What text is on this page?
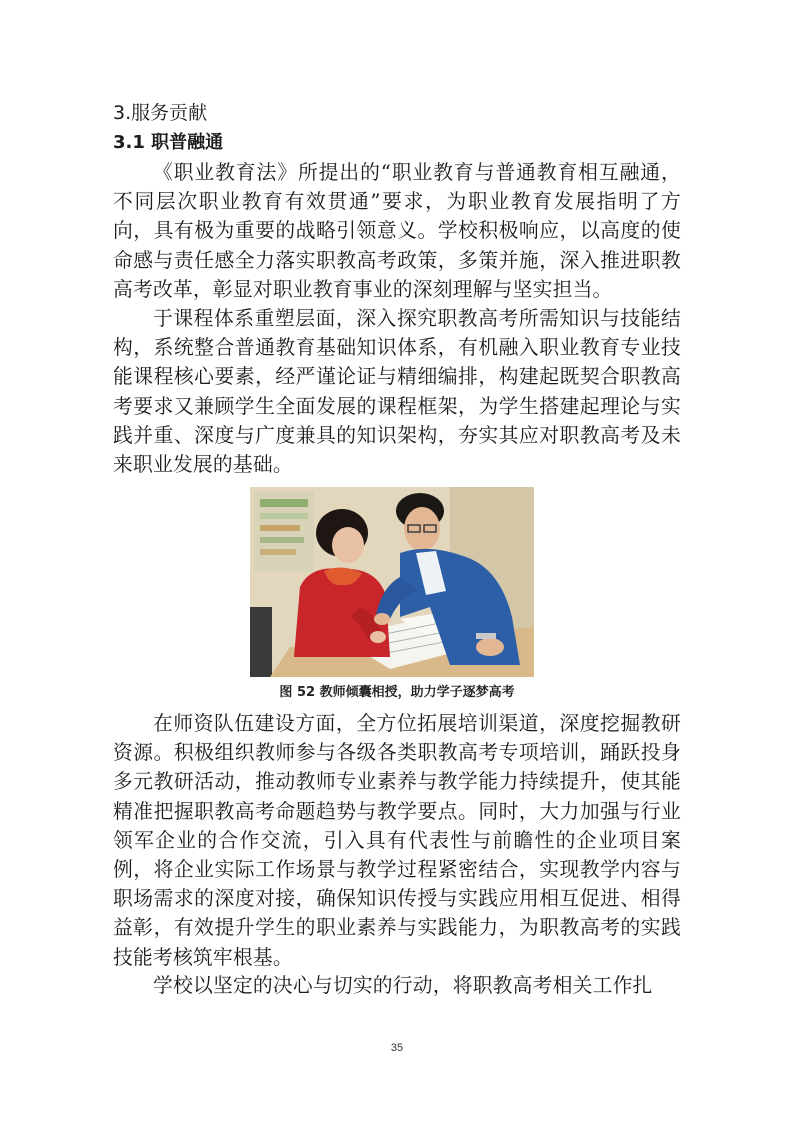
3.服务贡献
3.1 职普融通

《职业教育法》所提出的“职业教育与普通教育相互融通，不同层次职业教育有效贯通”要求，为职业教育发展指明了方向，具有极为重要的战略引领意义。学校积极响应，以高度的使命感与责任感全力落实职教高考政策，多策并施，深入推进职教高考改革，彰显对职业教育事业的深刻理解与坚实担当。

于课程体系重塑层面，深入探究职教高考所需知识与技能结构，系统整合普通教育基础知识体系，有机融入职业教育专业技能课程核心要素，经严谨论证与精细编排，构建起既契合职教高考要求又兼顾学生全面发展的课程框架，为学生搭建起理论与实践并重、深度与广度兼具的知识架构，夯实其应对职教高考及未来职业发展的基础。

图 52 教师倾囊相授，助力学子逐梦高考

在师资队伍建设方面，全方位拓展培训渠道，深度挖掘教研资源。积极组织教师参与各级各类职教高考专项培训，踊跃投身多元教研活动，推动教师专业素养与教学能力持续提升，使其能精准把握职教高考命题趋势与教学要点。同时，大力加强与行业领军企业的合作交流，引入具有代表性与前瞻性的企业项目案例，将企业实际工作场景与教学过程紧密结合，实现教学内容与职场需求的深度对接，确保知识传授与实践应用相互促进、相得益彰，有效提升学生的职业素养与实践能力，为职教高考的实践技能考核筑牢根基。

学校以坚定的决心与切实的行动，将职教高考相关工作扎

35
